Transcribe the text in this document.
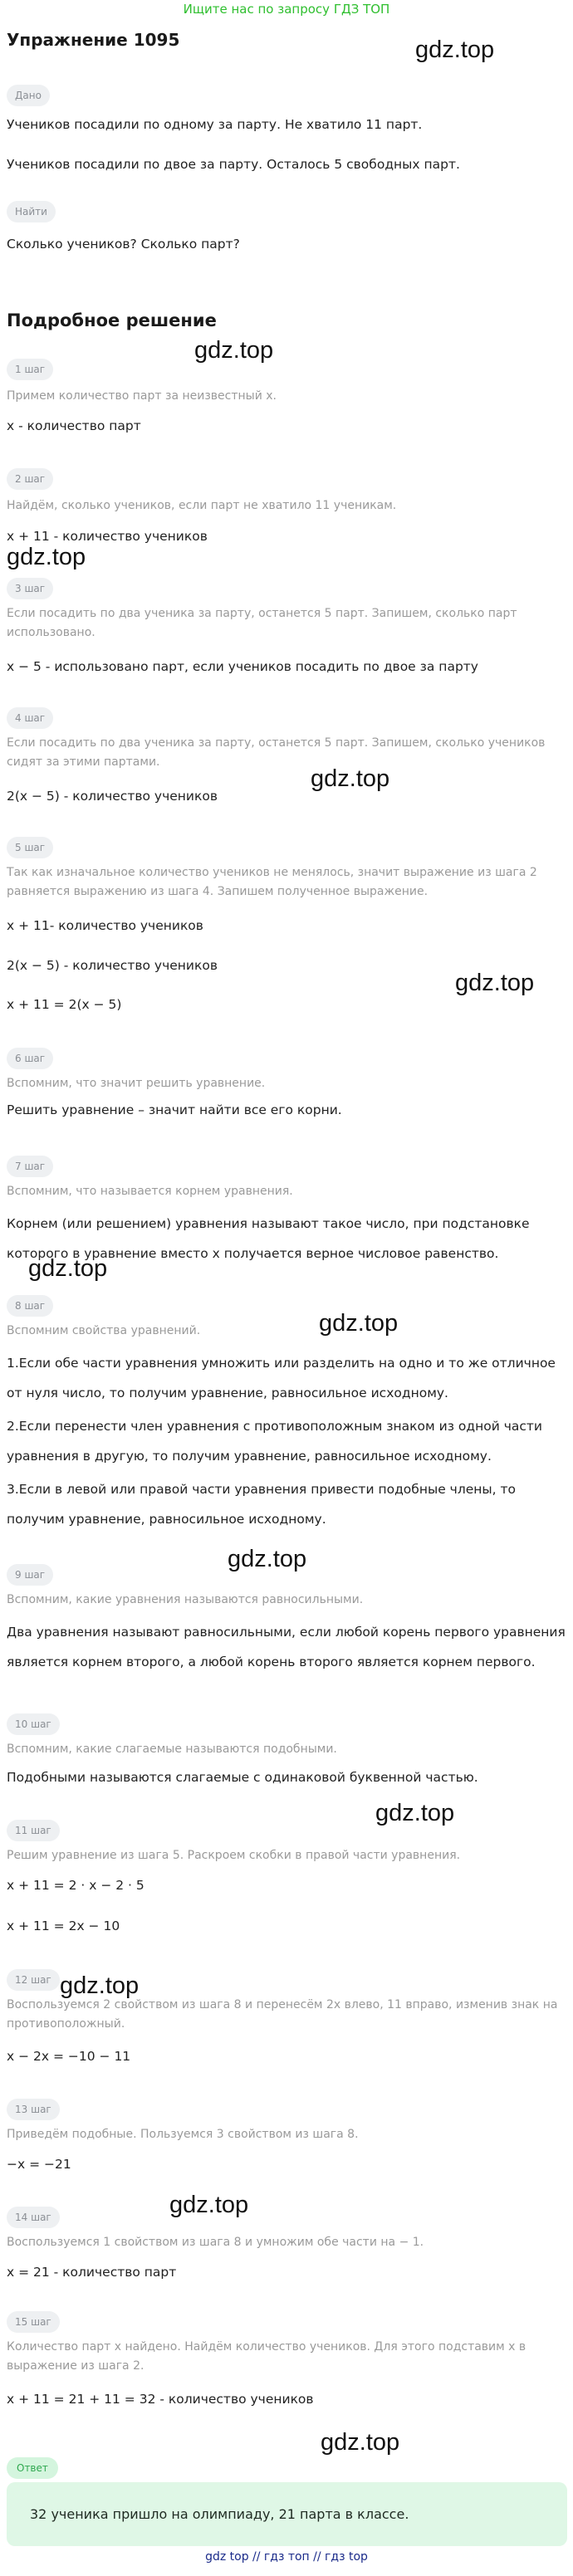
Ищите нас по запросу ГДЗ ТОП
Упражнение 1095
Дано
Учеников посадили по одному за парту. Не хватило 11 парт.
Учеников посадили по двое за парту. Осталось 5 свободных парт.
Найти
Сколько учеников? Сколько парт?
Подробное решение
1 шаг
Примем количество парт за неизвестный x.
x - количество парт
2 шаг
Найдём, сколько учеников, если парт не хватило 11 ученикам.
x + 11 - количество учеников
3 шаг
Если посадить по два ученика за парту, останется 5 парт. Запишем, сколько парт использовано.
x − 5 - использовано парт, если учеников посадить по двое за парту
4 шаг
Если посадить по два ученика за парту, останется 5 парт. Запишем, сколько учеников сидят за этими партами.
2(x − 5) - количество учеников
5 шаг
Так как изначальное количество учеников не менялось, значит выражение из шага 2 равняется выражению из шага 4. Запишем полученное выражение.
x + 11- количество учеников
2(x − 5) - количество учеников
x + 11 = 2(x − 5)
6 шаг
Вспомним, что значит решить уравнение.
Решить уравнение – значит найти все его корни.
7 шаг
Вспомним, что называется корнем уравнения.
Корнем (или решением) уравнения называют такое число, при подстановке которого в уравнение вместо x получается верное числовое равенство.
8 шаг
Вспомним свойства уравнений.
1.Если обе части уравнения умножить или разделить на одно и то же отличное от нуля число, то получим уравнение, равносильное исходному.
2.Если перенести член уравнения с противоположным знаком из одной части уравнения в другую, то получим уравнение, равносильное исходному.
3.Если в левой или правой части уравнения привести подобные члены, то получим уравнение, равносильное исходному.
9 шаг
Вспомним, какие уравнения называются равносильными.
Два уравнения называют равносильными, если любой корень первого уравнения является корнем второго, а любой корень второго является корнем первого.
10 шаг
Вспомним, какие слагаемые называются подобными.
Подобными называются слагаемые с одинаковой буквенной частью.
11 шаг
Решим уравнение из шага 5. Раскроем скобки в правой части уравнения.
x + 11 = 2 · x − 2 · 5
x + 11 = 2x − 10
12 шаг
Воспользуемся 2 свойством из шага 8 и перенесём 2x влево, 11 вправо, изменив знак на противоположный.
x − 2x = −10 − 11
13 шаг
Приведём подобные. Пользуемся 3 свойством из шага 8.
−x = −21
14 шаг
Воспользуемся 1 свойством из шага 8 и умножим обе части на − 1.
x = 21 - количество парт
15 шаг
Количество парт x найдено. Найдём количество учеников. Для этого подставим x в выражение из шага 2.
x + 11 = 21 + 11 = 32 - количество учеников
Ответ
32 ученика пришло на олимпиаду, 21 парта в классе.
gdz top // гдз топ // гдз top
gdz.top
gdz.top
gdz.top
gdz.top
gdz.top
gdz.top
gdz.top
gdz.top
gdz.top
gdz.top
gdz.top
gdz.top
